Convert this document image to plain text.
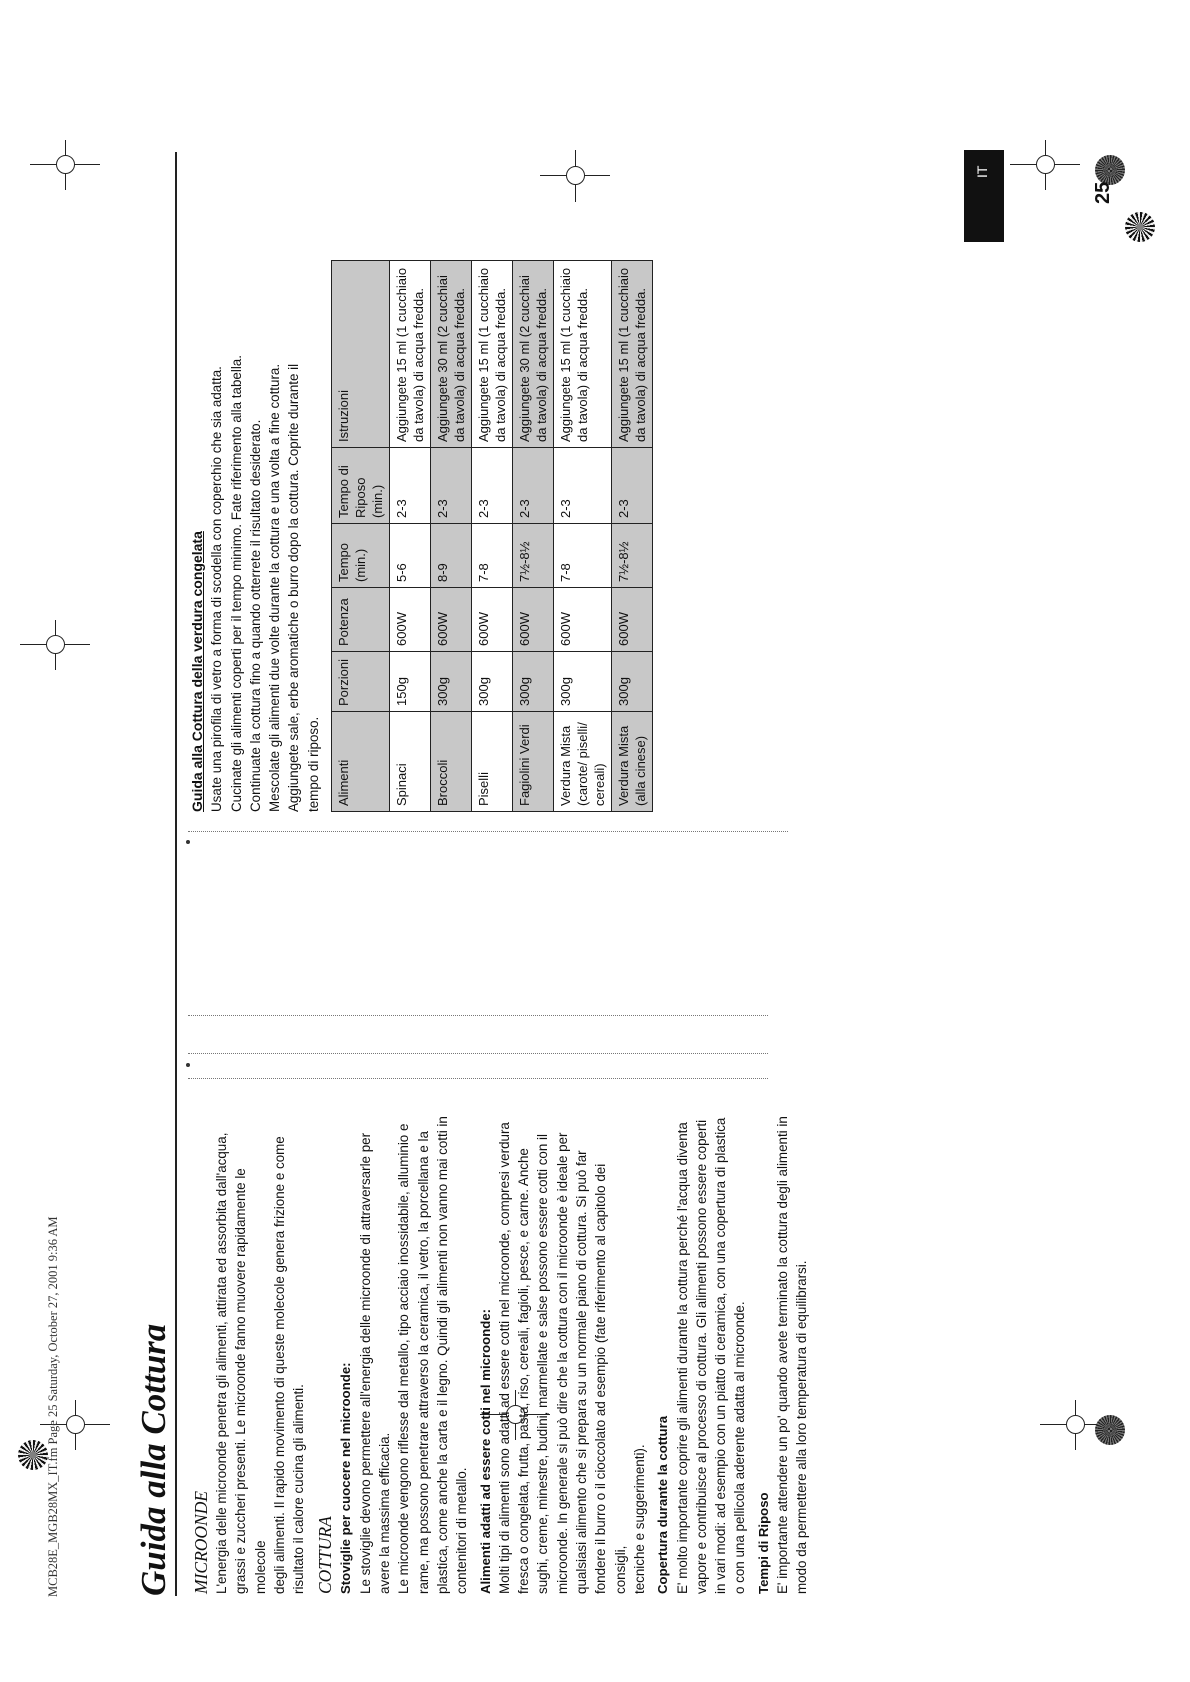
MCB28E_MGB28MX_IT.fm Page 25 Saturday, October 27, 2001 9:36 AM Guida alla Cottura MICROONDE L'energia delle microonde penetra gli alimenti, attirata ed assorbita dall'acqua, grassi e zuccheri presenti. Le microonde fanno muovere rapidamente le molecole degli alimenti. Il rapido movimento di queste molecole genera frizione e come risultato il calore cucina gli alimenti. COTTURA Stoviglie per cuocere nel microonde: Le stoviglie devono permettere all'energia delle microonde di attraversarle per avere la massima efficacia. Le microonde vengono riflesse dal metallo, tipo acciaio inossidabile, alluminio e rame, ma possono penetrare attraverso la ceramica, il vetro, la porcellana e la plastica, come anche la carta e il legno. Quindi gli alimenti non vanno mai cotti in contenitori di metallo. Alimenti adatti ad essere cotti nel microonde: Molti tipi di alimenti sono adatti ad essere cotti nel microonde, compresi verdura fresca o congelata, frutta, pasta, riso, cereali, fagioli, pesce, e carne. Anche sughi, creme, minestre, budini, marmellate e salse possono essere cotti con il microonde. In generale si può dire che la cottura con il microonde è ideale per qualsiasi alimento che si prepara su un normale piano di cottura. Si può far fondere il burro o il cioccolato ad esempio (fate riferimento al capitolo dei consigli, tecniche e suggerimenti). Copertura durante la cottura E' molto importante coprire gli alimenti durante la cottura perché l'acqua diventa vapore e contribuisce al processo di cottura. Gli alimenti possono essere coperti in vari modi: ad esempio con un piatto di ceramica, con una copertura di plastica o con una pellicola aderente adatta al microonde. Tempi di Riposo E' importante attendere un po' quando avete terminato la cottura degli alimenti in modo da permettere alla loro temperatura di equilibrarsi.

Guida alla Cottura della verdura congelata Usate una pirofila di vetro a forma di scodella con coperchio che sia adatta. Cucinate gli alimenti coperti per il tempo minimo. Fate riferimento alla tabella. Continuate la cottura fino a quando otterrete il risultato desiderato. Mescolate gli alimenti due volte durante la cottura e una volta a fine cottura. Aggiungete sale, erbe aromatiche o burro dopo la cottura. Coprite durante il tempo di riposo. Alimenti	Porzioni	Potenza	Tempo (min.)	Tempo di Riposo (min.)	Istruzioni
Spinaci	150g	600W	5-6	2-3	Aggiungete 15 ml (1 cucchiaio da tavola) di acqua fredda.
Broccoli	300g	600W	8-9	2-3	Aggiungete 30 ml (2 cucchiai da tavola) di acqua fredda.
Piselli	300g	600W	7-8	2-3	Aggiungete 15 ml (1 cucchiaio da tavola) di acqua fredda.
Fagiolini Verdi	300g	600W	7½-8½	2-3	Aggiungete 30 ml (2 cucchiai da tavola) di acqua fredda.
Verdura Mista (carote/ piselli/ cereali)	300g	600W	7-8	2-3	Aggiungete 15 ml (1 cucchiaio da tavola) di acqua fredda.
Verdura Mista (alla cinese)	300g	600W	7½-8½	2-3	Aggiungete 15 ml (1 cucchiaio da tavola) di acqua fredda.
25
IT
